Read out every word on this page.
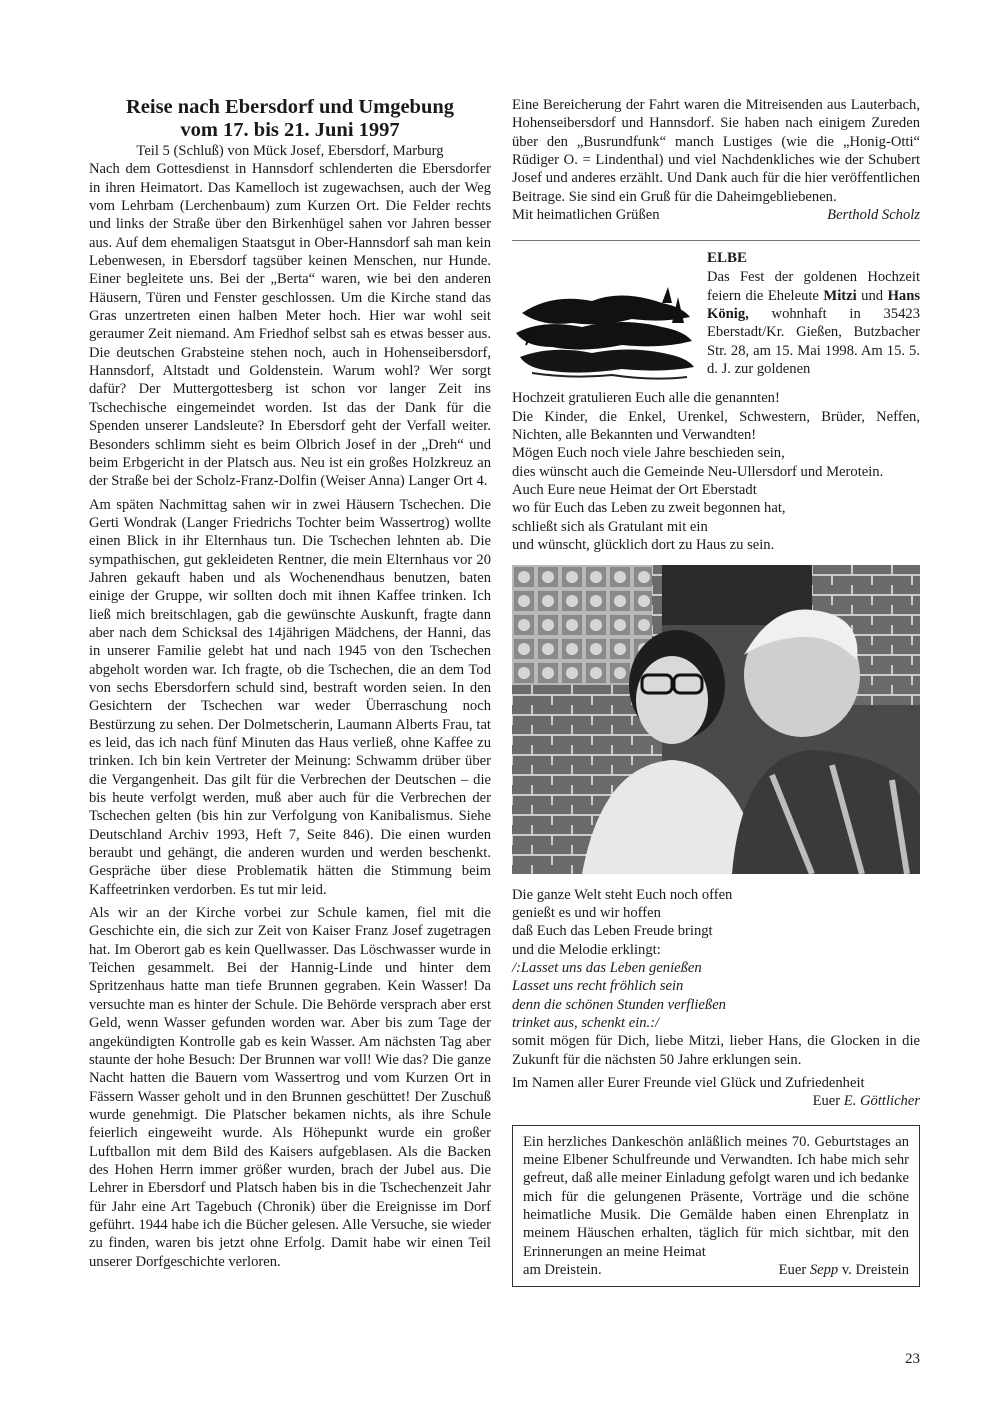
Reise nach Ebersdorf und Umgebung

vom 17. bis 21. Juni 1997

Teil 5 (Schluß) von Mück Josef, Ebersdorf, Marburg

Nach dem Gottesdienst in Hannsdorf schlenderten die Ebersdorfer in ihren Heimatort. Das Kamelloch ist zugewachsen, auch der Weg vom Lehrbam (Lerchenbaum) zum Kurzen Ort. Die Felder rechts und links der Straße über den Birkenhügel sahen vor Jahren besser aus. Auf dem ehemaligen Staatsgut in Ober-Hannsdorf sah man kein Lebenwesen, in Ebersdorf tagsüber keinen Menschen, nur Hunde. Einer begleitete uns. Bei der „Berta“ waren, wie bei den anderen Häusern, Türen und Fenster geschlossen. Um die Kirche stand das Gras unzertreten einen halben Meter hoch. Hier war wohl seit geraumer Zeit niemand. Am Friedhof selbst sah es etwas besser aus. Die deutschen Grabsteine stehen noch, auch in Hohenseibersdorf, Hannsdorf, Altstadt und Goldenstein. Warum wohl? Wer sorgt dafür? Der Muttergottesberg ist schon vor langer Zeit ins Tschechische eingemeindet worden. Ist das der Dank für die Spenden unserer Landsleute? In Ebersdorf geht der Verfall weiter. Besonders schlimm sieht es beim Olbrich Josef in der „Dreh“ und beim Erbgericht in der Platsch aus. Neu ist ein großes Holzkreuz an der Straße bei der Scholz-Franz-Dolfin (Weiser Anna) Langer Ort 4.

Am späten Nachmittag sahen wir in zwei Häusern Tschechen. Die Gerti Wondrak (Langer Friedrichs Tochter beim Wassertrog) wollte einen Blick in ihr Elternhaus tun. Die Tschechen lehnten ab. Die sympathischen, gut gekleideten Rentner, die mein Elternhaus vor 20 Jahren gekauft haben und als Wochenendhaus benutzen, baten einige der Gruppe, wir sollten doch mit ihnen Kaffee trinken. Ich ließ mich breitschlagen, gab die gewünschte Auskunft, fragte dann aber nach dem Schicksal des 14jährigen Mädchens, der Hanni, das in unserer Familie gelebt hat und nach 1945 von den Tschechen abgeholt worden war. Ich fragte, ob die Tschechen, die an dem Tod von sechs Ebersdorfern schuld sind, bestraft worden seien. In den Gesichtern der Tschechen war weder Überraschung noch Bestürzung zu sehen. Der Dolmetscherin, Laumann Alberts Frau, tat es leid, das ich nach fünf Minuten das Haus verließ, ohne Kaffee zu trinken. Ich bin kein Vertreter der Meinung: Schwamm drüber über die Vergangenheit. Das gilt für die Verbrechen der Deutschen – die bis heute verfolgt werden, muß aber auch für die Verbrechen der Tschechen gelten (bis hin zur Verfolgung von Kanibalismus. Siehe Deutschland Archiv 1993, Heft 7, Seite 846). Die einen wurden beraubt und gehängt, die anderen wurden und werden beschenkt. Gespräche über diese Problematik hätten die Stimmung beim Kaffeetrinken verdorben. Es tut mir leid.

Als wir an der Kirche vorbei zur Schule kamen, fiel mit die Geschichte ein, die sich zur Zeit von Kaiser Franz Josef zugetragen hat. Im Oberort gab es kein Quellwasser. Das Löschwasser wurde in Teichen gesammelt. Bei der Hannig-Linde und hinter dem Spritzenhaus hatte man tiefe Brunnen gegraben. Kein Wasser! Da versuchte man es hinter der Schule. Die Behörde versprach aber erst Geld, wenn Wasser gefunden worden war. Aber bis zum Tage der angekündigten Kontrolle gab es kein Wasser. Am nächsten Tag aber staunte der hohe Besuch: Der Brunnen war voll! Wie das? Die ganze Nacht hatten die Bauern vom Wassertrog und vom Kurzen Ort in Fässern Wasser geholt und in den Brunnen geschüttet! Der Zuschuß wurde genehmigt. Die Platscher bekamen nichts, als ihre Schule feierlich eingeweiht wurde. Als Höhepunkt wurde ein großer Luftballon mit dem Bild des Kaisers aufgeblasen. Als die Backen des Hohen Herrn immer größer wurden, brach der Jubel aus. Die Lehrer in Ebersdorf und Platsch haben bis in die Tschechenzeit Jahr für Jahr eine Art Tagebuch (Chronik) über die Ereignisse im Dorf geführt. 1944 habe ich die Bücher gelesen. Alle Versuche, sie wieder zu finden, waren bis jetzt ohne Erfolg. Damit habe wir einen Teil unserer Dorfgeschichte verloren.

Eine Bereicherung der Fahrt waren die Mitreisenden aus Lauterbach, Hohenseibersdorf und Hannsdorf. Sie haben nach einigem Zureden über den „Busrundfunk“ manch Lustiges (wie die „Honig-Otti“ Rüdiger O. = Lindenthal) und viel Nachdenkliches wie der Schubert Josef und anderes erzählt. Und Dank auch für die hier veröffentlichen Beitrage. Sie sind ein Gruß für die Daheimgebliebenen.

Mit heimatlichen Grüßen	Berthold Scholz
ELBE
Das Fest der goldenen Hochzeit feiern die Eheleute Mitzi und Hans König, wohnhaft in 35423 Eberstadt/Kr. Gießen, Butzbacher Str. 28, am 15. Mai 1998. Am 15. 5. d. J. zur goldenen

Hochzeit gratulieren Euch alle die genannten!

Die Kinder, die Enkel, Urenkel, Schwestern, Brüder, Neffen, Nichten, alle Bekannten und Verwandten!

Mögen Euch noch viele Jahre beschieden sein,

dies wünscht auch die Gemeinde Neu-Ullersdorf und Merotein.

Auch Eure neue Heimat der Ort Eberstadt

wo für Euch das Leben zu zweit begonnen hat,

schließt sich als Gratulant mit ein

und wünscht, glücklich dort zu Haus zu sein.

Die ganze Welt steht Euch noch offen

genießt es und wir hoffen

daß Euch das Leben Freude bringt

und die Melodie erklingt:

/:Lasset uns das Leben genießen

Lasset uns recht fröhlich sein

denn die schönen Stunden verfließen

trinket aus, schenkt ein.:/

somit mögen für Dich, liebe Mitzi, lieber Hans, die Glocken in die Zukunft für die nächsten 50 Jahre erklungen sein.

Im Namen aller Eurer Freunde viel Glück und Zufriedenheit

Euer E. Göttlicher

Ein herzliches Dankeschön anläßlich meines 70. Geburtstages an meine Elbener Schulfreunde und Verwandten. Ich habe mich sehr gefreut, daß alle meiner Einladung gefolgt waren und ich bedanke mich für die gelungenen Präsente, Vorträge und die schöne heimatliche Musik. Die Gemälde haben einen Ehrenplatz in meinem Häuschen erhalten, täglich für mich sichtbar, mit den Erinnerungen an meine Heimat

am Dreistein.	Euer Sepp v. Dreistein
23
